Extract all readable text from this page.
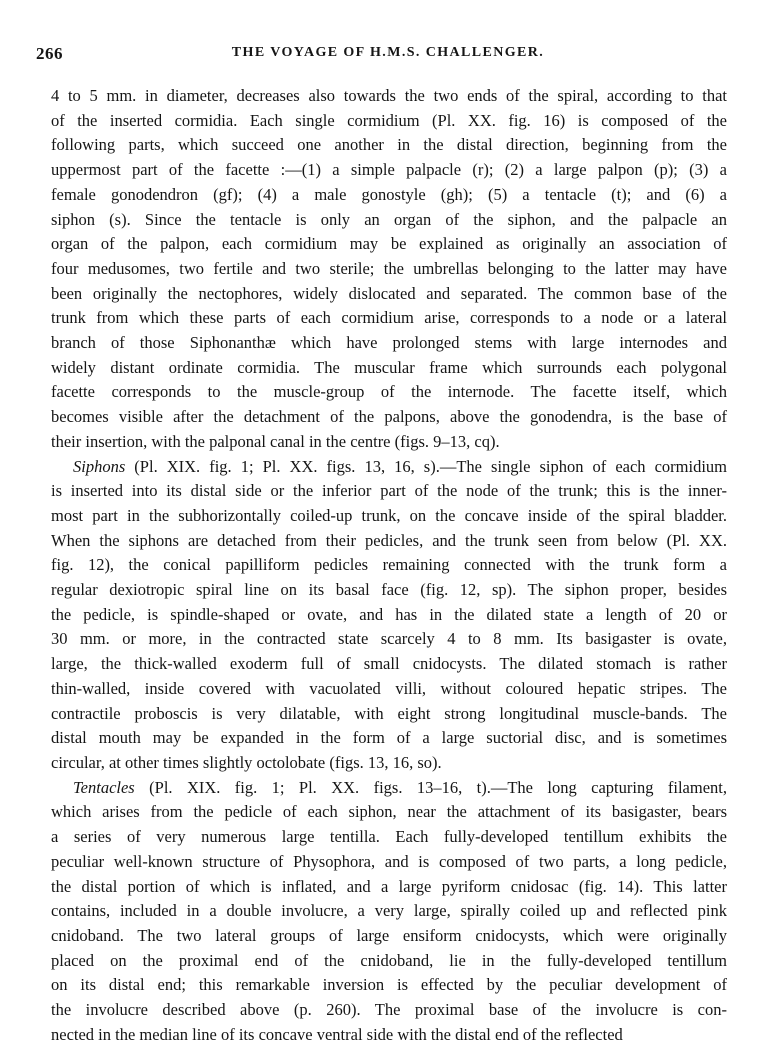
266	THE VOYAGE OF H.M.S. CHALLENGER.

4 to 5 mm. in diameter, decreases also towards the two ends of the spiral, according to that

of the inserted cormidia. Each single cormidium (Pl. XX. fig. 16) is composed of the

following parts, which succeed one another in the distal direction, beginning from the

uppermost part of the facette :—(1) a simple palpacle (r); (2) a large palpon (p); (3) a

female gonodendron (gf); (4) a male gonostyle (gh); (5) a tentacle (t); and (6) a

siphon (s). Since the tentacle is only an organ of the siphon, and the palpacle an

organ of the palpon, each cormidium may be explained as originally an association of

four medusomes, two fertile and two sterile; the umbrellas belonging to the latter may have

been originally the nectophores, widely dislocated and separated. The common base of the

trunk from which these parts of each cormidium arise, corresponds to a node or a lateral

branch of those Siphonanthæ which have prolonged stems with large internodes and

widely distant ordinate cormidia. The muscular frame which surrounds each polygonal

facette corresponds to the muscle-group of the internode. The facette itself, which

becomes visible after the detachment of the palpons, above the gonodendra, is the base of

their insertion, with the palponal canal in the centre (figs. 9–13, cq).

Siphons (Pl. XIX. fig. 1; Pl. XX. figs. 13, 16, s).—The single siphon of each cormidium

is inserted into its distal side or the inferior part of the node of the trunk; this is the inner-

most part in the subhorizontally coiled-up trunk, on the concave inside of the spiral bladder.

When the siphons are detached from their pedicles, and the trunk seen from below (Pl. XX.

fig. 12), the conical papilliform pedicles remaining connected with the trunk form a

regular dexiotropic spiral line on its basal face (fig. 12, sp). The siphon proper, besides

the pedicle, is spindle-shaped or ovate, and has in the dilated state a length of 20 or

30 mm. or more, in the contracted state scarcely 4 to 8 mm. Its basigaster is ovate,

large, the thick-walled exoderm full of small cnidocysts. The dilated stomach is rather

thin-walled, inside covered with vacuolated villi, without coloured hepatic stripes. The

contractile proboscis is very dilatable, with eight strong longitudinal muscle-bands. The

distal mouth may be expanded in the form of a large suctorial disc, and is sometimes

circular, at other times slightly octolobate (figs. 13, 16, so).

Tentacles (Pl. XIX. fig. 1; Pl. XX. figs. 13–16, t).—The long capturing filament,

which arises from the pedicle of each siphon, near the attachment of its basigaster, bears

a series of very numerous large tentilla. Each fully-developed tentillum exhibits the

peculiar well-known structure of Physophora, and is composed of two parts, a long pedicle,

the distal portion of which is inflated, and a large pyriform cnidosac (fig. 14). This latter

contains, included in a double involucre, a very large, spirally coiled up and reflected pink

cnidoband. The two lateral groups of large ensiform cnidocysts, which were originally

placed on the proximal end of the cnidoband, lie in the fully-developed tentillum

on its distal end; this remarkable inversion is effected by the peculiar development of

the involucre described above (p. 260). The proximal base of the involucre is con-

nected in the median line of its concave ventral side with the distal end of the reflected
